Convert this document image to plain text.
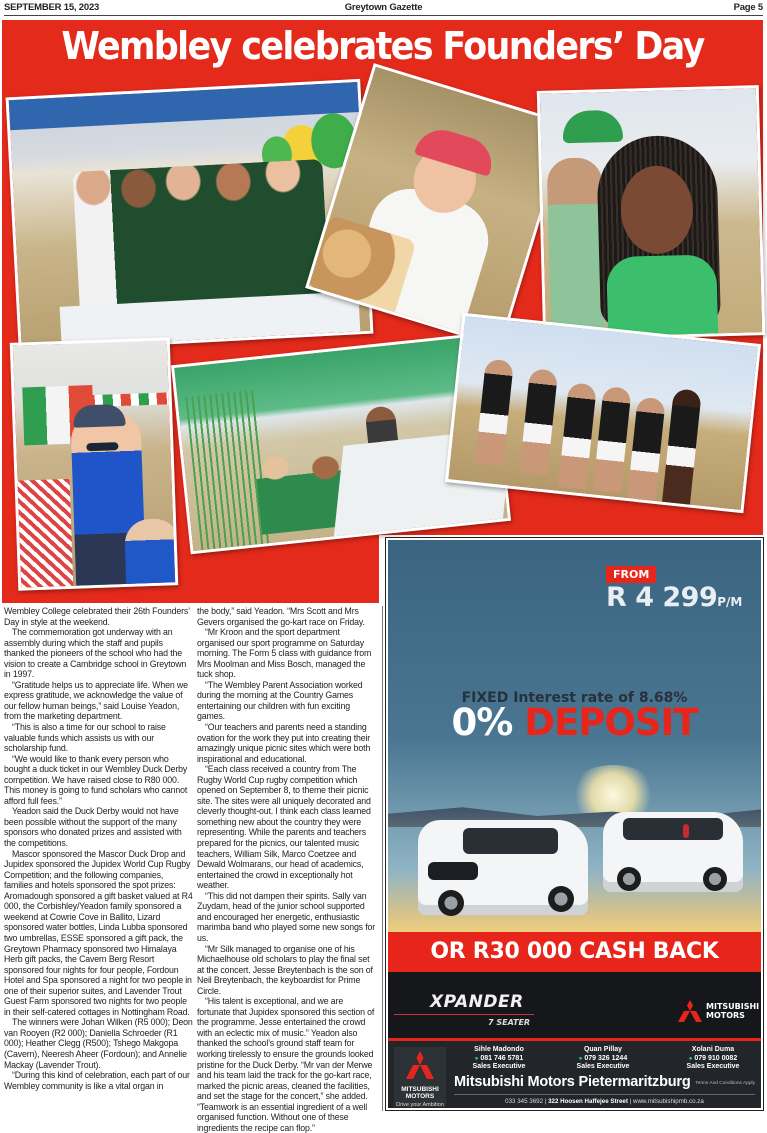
SEPTEMBER 15, 2023	Greytown Gazette	Page 5
Wembley celebrates Founders’ Day

Wembley College celebrated their 26th Founders’ Day in style at the weekend.

The commemoration got underway with an assembly during which the staff and pupils thanked the pioneers of the school who had the vision to create a Cambridge school in Greytown in 1997.

“Gratitude helps us to appreciate life. When we express gratitude, we acknowledge the value of our fellow human beings,” said Louise Yeadon, from the marketing department.

“This is also a time for our school to raise valuable funds which assists us with our scholarship fund.

“We would like to thank every person who bought a duck ticket in our Wembley Duck Derby competition. We have raised close to R80 000. This money is going to fund scholars who cannot afford full fees.”

Yeadon said the Duck Derby would not have been possible without the support of the many sponsors who donated prizes and assisted with the competitions.

Mascor sponsored the Mascor Duck Drop and Jupidex sponsored the Jupidex World Cup Rugby Competition; and the following companies, families and hotels sponsored the spot prizes: Aromadough sponsored a gift basket valued at R4 000, the Corbishley/Yeadon family sponsored a weekend at Cowrie Cove in Ballito, Lizard sponsored water bottles, Linda Lubba sponsored two umbrellas, ESSE sponsored a gift pack, the Greytown Pharmacy sponsored two Himalaya Herb gift packs, the Cavern Berg Resort sponsored four nights for four people, Fordoun Hotel and Spa sponsored a night for two people in one of their superior suites, and Lavender Trout Guest Farm sponsored two nights for two people in their self-catered cottages in Nottingham Road.

The winners were Johan Wilken (R5 000); Deon van Rooyen (R2 000); Daniella Schroeder (R1 000); Heather Clegg (R500); Tshego Makgopa (Cavern), Neeresh Aheer (Fordoun); and Annelie Mackay (Lavender Trout).

“During this kind of celebration, each part of our Wembley community is like a vital organ in

the body,” said Yeadon. “Mrs Scott and Mrs Gevers organised the go-kart race on Friday.

“Mr Kroon and the sport department organised our sport programme on Saturday morning. The Form 5 class with guidance from Mrs Moolman and Miss Bosch, managed the tuck shop.

“The Wembley Parent Association worked during the morning at the Country Games entertaining our children with fun exciting games.

“Our teachers and parents need a standing ovation for the work they put into creating their amazingly unique picnic sites which were both inspirational and educational.

“Each class received a country from The Rugby World Cup rugby competition which opened on September 8, to theme their picnic site. The sites were all uniquely decorated and cleverly thought-out. I think each class learned something new about the country they were representing. While the parents and teachers prepared for the picnics, our talented music teachers, William Silk, Marco Coetzee and Dewald Wolmarans, our head of academics, entertained the crowd in exceptionally hot weather.

“This did not dampen their spirits. Sally van Zuydam, head of the junior school supported and encouraged her energetic, enthusiastic marimba band who played some new songs for us.

“Mr Silk managed to organise one of his Michaelhouse old scholars to play the final set at the concert. Jesse Breytenbach is the son of Neil Breytenbach, the keyboardist for Prime Circle.

“His talent is exceptional, and we are fortunate that Jupidex sponsored this section of the programme. Jesse entertained the crowd with an eclectic mix of music.” Yeadon also thanked the school’s ground staff team for working tirelessly to ensure the grounds looked pristine for the Duck Derby. “Mr van der Merwe and his team laid the track for the go-kart race, marked the picnic areas, cleaned the facilities, and set the stage for the concert,” she added.

“Teamwork is an essential ingredient of a well organised function. Without one of these ingredients the recipe can flop.”

FROM
R 4 299P/M
FIXED Interest rate of 8.68%
0% DEPOSIT
OR R30 000 CASH BACK
XPANDER
7 SEATER
MITSUBISHI
MOTORS
MITSUBISHI
MOTORS
Drive your Ambition
Sihle Madondo
● 081 746 5781
Sales Executive
Quan Pillay
● 079 326 1244
Sales Executive
Xolani Duma
● 079 910 0082
Sales Executive
Mitsubishi Motors Pietermaritzburg Terms And Conditions Apply
033 345 3692 | 322 Hoosen Haffejee Street | www.mitsubishipmb.co.za
